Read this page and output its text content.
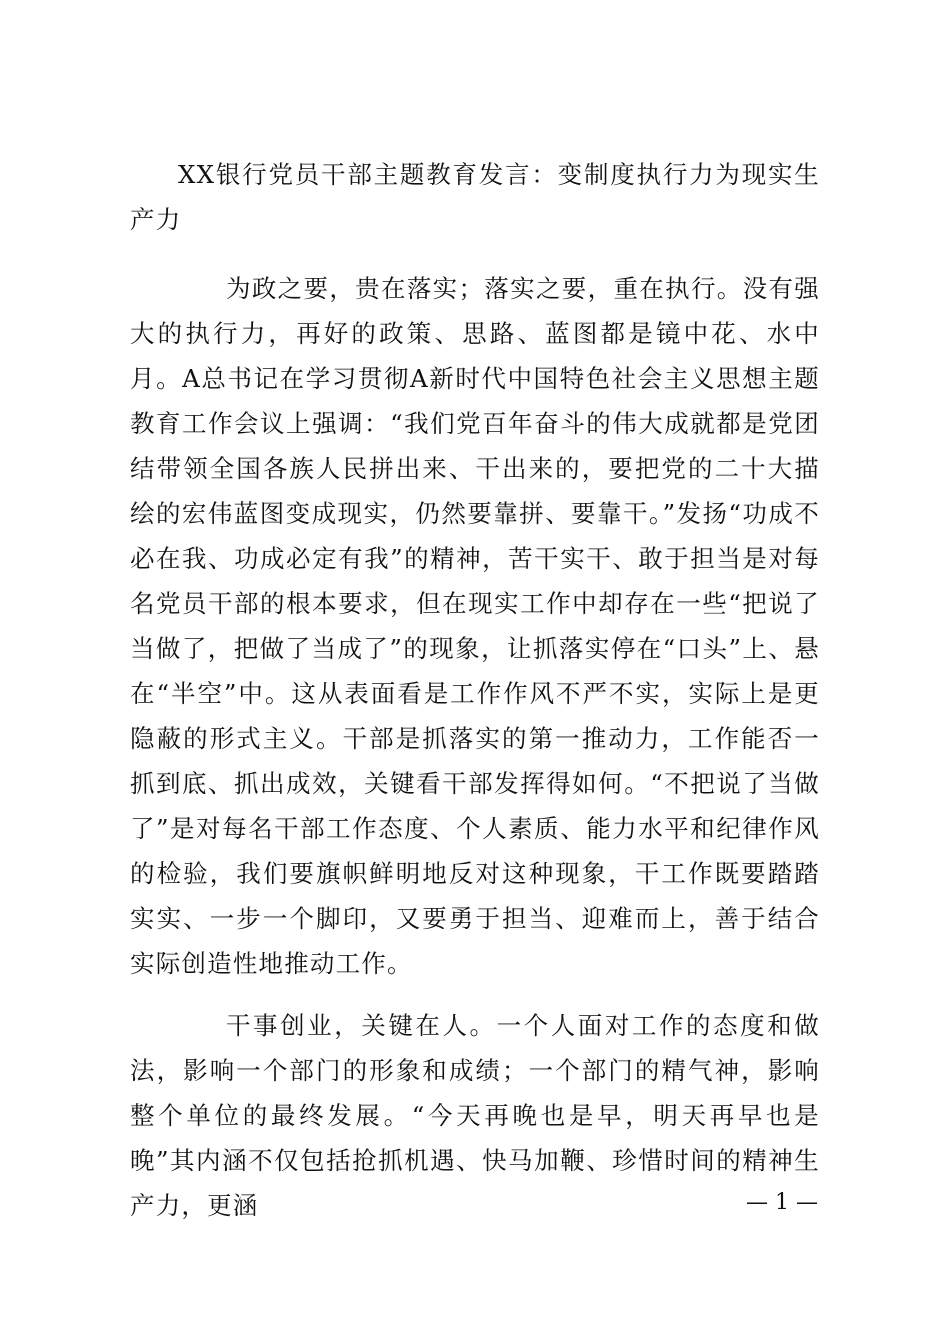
XX银行党员干部主题教育发言：变制度执行力为现实生产力
为政之要，贵在落实；落实之要，重在执行。没有强大的执行力，再好的政策、思路、蓝图都是镜中花、水中月。A总书记在学习贯彻A新时代中国特色社会主义思想主题教育工作会议上强调：“我们党百年奋斗的伟大成就都是党团结带领全国各族人民拼出来、干出来的，要把党的二十大描绘的宏伟蓝图变成现实，仍然要靠拼、要靠干。”发扬“功成不必在我、功成必定有我”的精神，苦干实干、敢于担当是对每名党员干部的根本要求，但在现实工作中却存在一些“把说了当做了，把做了当成了”的现象，让抓落实停在“口头”上、悬在“半空”中。这从表面看是工作作风不严不实，实际上是更隐蔽的形式主义。干部是抓落实的第一推动力，工作能否一抓到底、抓出成效，关键看干部发挥得如何。“不把说了当做了”是对每名干部工作态度、个人素质、能力水平和纪律作风的检验，我们要旗帜鲜明地反对这种现象，干工作既要踏踏实实、一步一个脚印，又要勇于担当、迎难而上，善于结合实际创造性地推动工作。
干事创业，关键在人。一个人面对工作的态度和做法，影响一个部门的形象和成绩；一个部门的精气神，影响整个单位的最终发展。“今天再晚也是早，明天再早也是晚”其内涵不仅包括抢抓机遇、快马加鞭、珍惜时间的精神生产力，更涵	— 1 —
